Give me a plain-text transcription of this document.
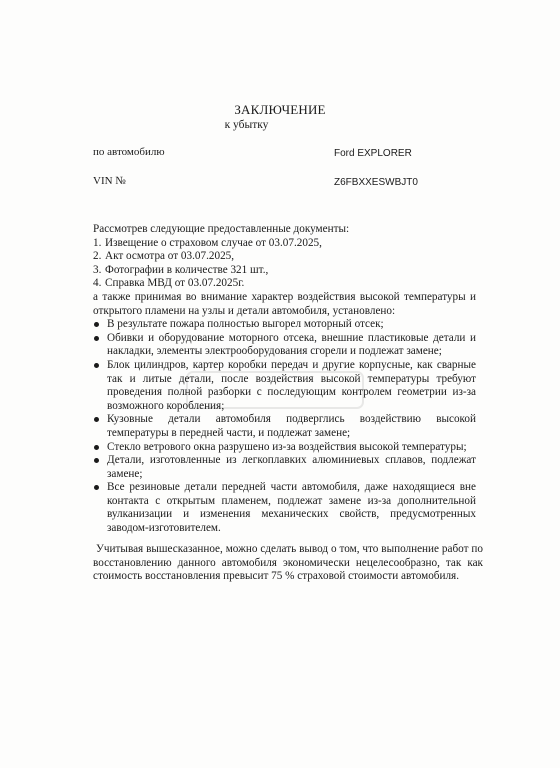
ЗАКЛЮЧЕНИЕ
к убытку
по автомобилю	Ford EXPLORER
VIN №	Z6FBXXESWBJT0
Рассмотрев следующие предоставленные документы:
1. Извещение о страховом случае от 03.07.2025,
2. Акт осмотра от 03.07.2025,
3. Фотографии в количестве 321 шт.,
4. Справка МВД от 03.07.2025г.
а также принимая во внимание характер воздействия высокой температуры и открытого пламени на узлы и детали автомобиля, установлено:
В результате пожара полностью выгорел моторный отсек;
Обивки и оборудование моторного отсека, внешние пластиковые детали и накладки, элементы электрооборудования сгорели и подлежат замене;
Блок цилиндров, картер коробки передач и другие корпусные, как сварные так и литые детали, после воздействия высокой температуры требуют проведения полной разборки с последующим контролем геометрии из-за возможного коробления;
Кузовные детали автомобиля подверглись воздействию высокой температуры в передней части, и подлежат замене;
Стекло ветрового окна разрушено из-за воздействия высокой температуры;
Детали, изготовленные из легкоплавких алюминиевых сплавов, подлежат замене;
Все резиновые детали передней части автомобиля, даже находящиеся вне контакта с открытым пламенем, подлежат замене из-за дополнительной вулканизации и изменения механических свойств, предусмотренных заводом-изготовителем.
Учитывая вышесказанное, можно сделать вывод о том, что выполнение работ по восстановлению данного автомобиля экономически нецелесообразно, так как стоимость восстановления превысит 75 % страховой стоимости автомобиля.
